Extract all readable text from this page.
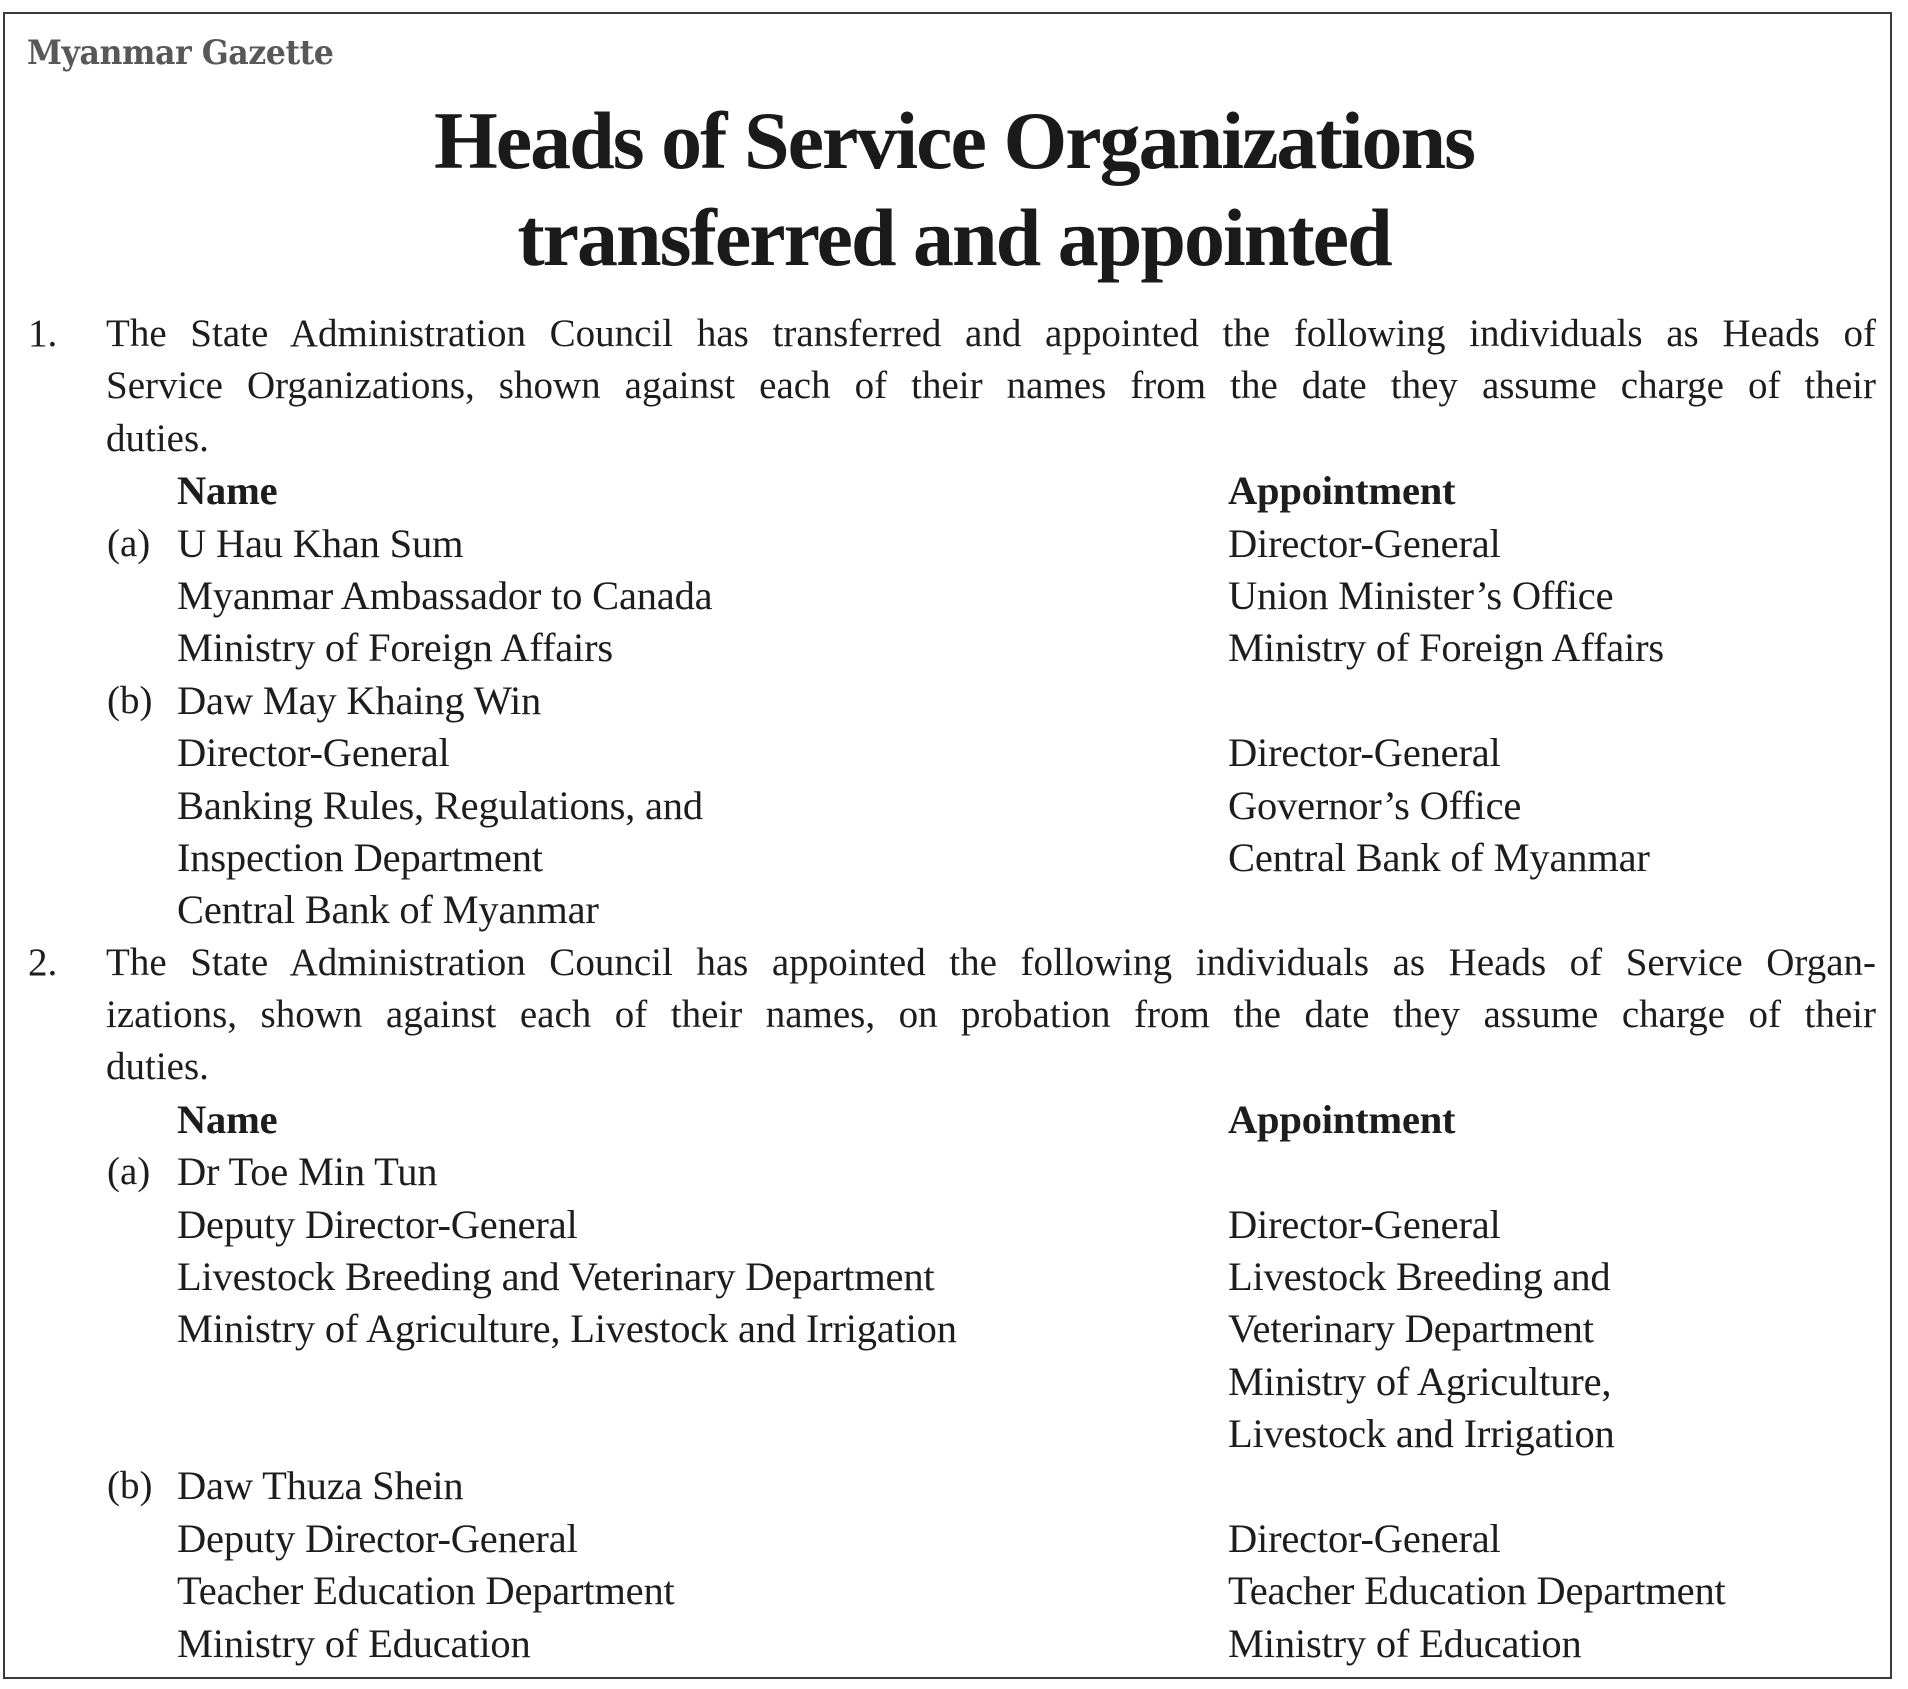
Myanmar Gazette
Heads of Service Organizations
transferred and appointed
1. The State Administration Council has transferred and appointed the following individuals as Heads of
Service Organizations, shown against each of their names from the date they assume charge of their
duties.
Name	Appointment
(a) U Hau Khan Sum
Myanmar Ambassador to Canada
Ministry of Foreign Affairs
Director-General
Union Minister’s Office
Ministry of Foreign Affairs
(b) Daw May Khaing Win
Director-General
Banking Rules, Regulations, and
Inspection Department
Central Bank of Myanmar
Director-General
Governor’s Office
Central Bank of Myanmar
2. The State Administration Council has appointed the following individuals as Heads of Service Organ-
izations, shown against each of their names, on probation from the date they assume charge of their
duties.
Name	Appointment
(a) Dr Toe Min Tun
Deputy Director-General
Livestock Breeding and Veterinary Department
Ministry of Agriculture, Livestock and Irrigation
Director-General
Livestock Breeding and
Veterinary Department
Ministry of Agriculture,
Livestock and Irrigation
(b) Daw Thuza Shein
Deputy Director-General
Teacher Education Department
Ministry of Education
Director-General
Teacher Education Department
Ministry of Education
